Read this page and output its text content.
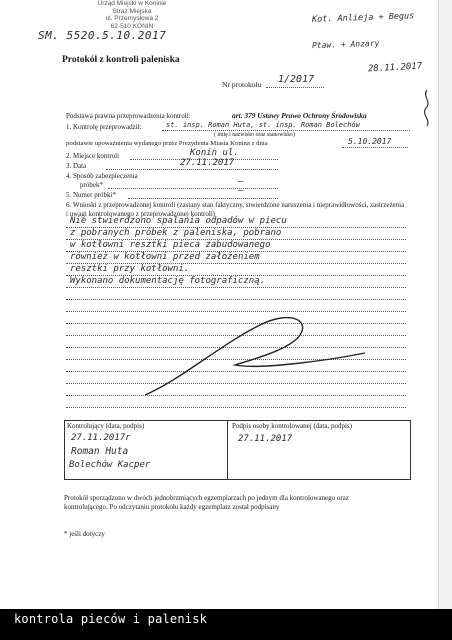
Urząd Miejski w Koninie
Straż Miejska
ul. Przemysłowa 2
62-510 KONIN
SM. 5520.5.10.2017
Kot. Anlieja + Begus
Ptaw. + Anzary
28.11.2017
Protokół z kontroli paleniska
Nr protokołu 1/2017
Podstawa prawna przeprowadzenia kontroli:	art. 379 Ustawy Prawo Ochrony Środowiska
1. Kontrolę przeprowadził:	st. insp. Roman Huta, st. insp. Roman Bolechów
( imię i nazwisko oraz stanowisko)
podstawie upoważnienia wydanego przez Prezydenta Miasta Konina z dnia	5.10.2017
2. Miejsce kontroli	Konin ul.
3. Data	27.11.2017
4. Sposób zabezpieczenia
próbek*	—
5. Numer próbki*	—
6. Wnioski z przeprowadzonej kontroli (zastany stan faktyczny, stwierdzone naruszenia i nieprawidłowości, zastrzeżenia i uwagi kontrolowanego z przeprowadzonej kontroli)
Nie stwierdzono spalania odpadów w piecu
z pobranych próbek z paleniska, pobrano
w kotłowni resztki pieca zabudowanego
również w kotłowni przed założeniem
resztki przy kotłowni.
Wykonano dokumentację fotograficzną.
Kontrolujący (data, podpis)
27.11.2017r
Roman Huta
Bolechów Kacper
Podpis osoby kontrolowanej (data, podpis)
27.11.2017
Protokół sporządzono w dwóch jednobrzmiących egzemplarzach po jednym dla kontrolowanego oraz kontrolującego. Po odczytaniu protokołu każdy egzemplarz został podpisany
* jeśli dotyczy
kontrola pieców i palenisk
